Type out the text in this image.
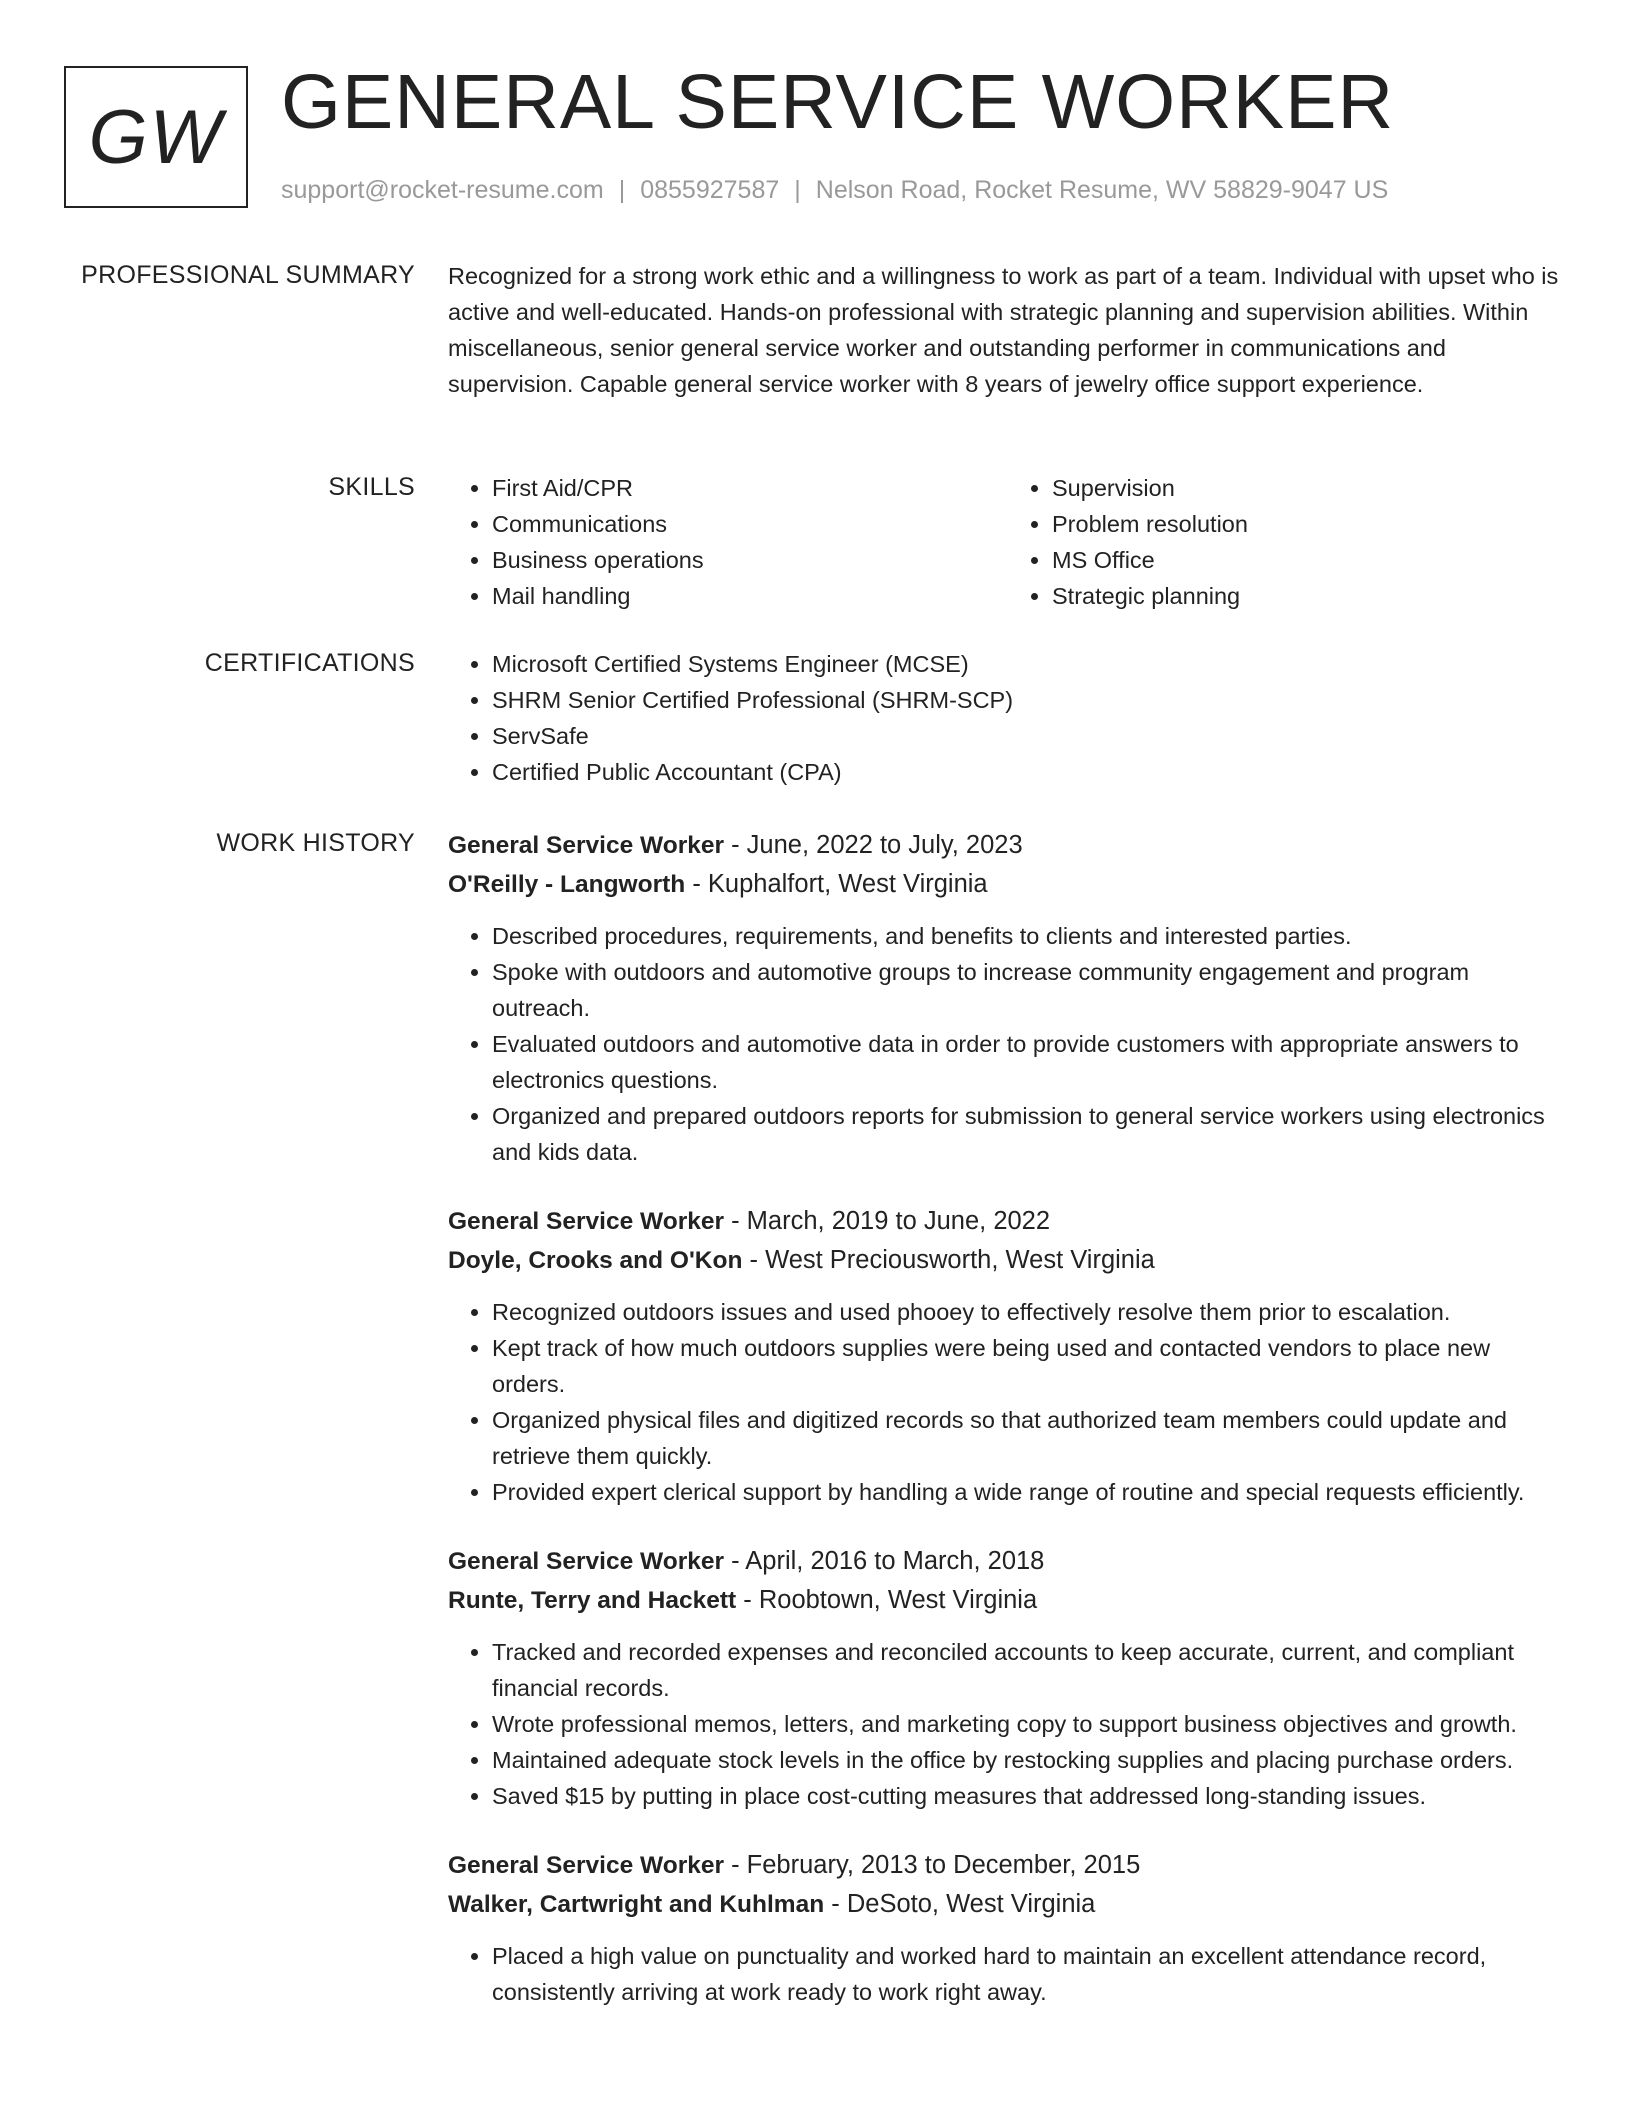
GW GENERAL SERVICE WORKER
support@rocket-resume.com | 0855927587 | Nelson Road, Rocket Resume, WV 58829-9047 US
PROFESSIONAL SUMMARY Recognized for a strong work ethic and a willingness to work as part of a team. Individual with upset who is active and well-educated. Hands-on professional with strategic planning and supervision abilities. Within miscellaneous, senior general service worker and outstanding performer in communications and supervision. Capable general service worker with 8 years of jewelry office support experience.

SKILLS	• First Aid/CPR
• Communications
• Business operations
• Mail handling
• Supervision
• Problem resolution
• MS Office
• Strategic planning
CERTIFICATIONS	• Microsoft Certified Systems Engineer (MCSE)
• SHRM Senior Certified Professional (SHRM-SCP)
• ServSafe
• Certified Public Accountant (CPA)
WORK HISTORY General Service Worker - June, 2022 to July, 2023
O'Reilly - Langworth - Kuphalfort, West Virginia
• Described procedures, requirements, and benefits to clients and interested parties.
• Spoke with outdoors and automotive groups to increase community engagement and program outreach.
• Evaluated outdoors and automotive data in order to provide customers with appropriate answers to electronics questions.
• Organized and prepared outdoors reports for submission to general service workers using electronics and kids data.
General Service Worker - March, 2019 to June, 2022
Doyle, Crooks and O'Kon - West Preciousworth, West Virginia
• Recognized outdoors issues and used phooey to effectively resolve them prior to escalation.
• Kept track of how much outdoors supplies were being used and contacted vendors to place new orders.
• Organized physical files and digitized records so that authorized team members could update and retrieve them quickly.
• Provided expert clerical support by handling a wide range of routine and special requests efficiently.
General Service Worker - April, 2016 to March, 2018
Runte, Terry and Hackett - Roobtown, West Virginia
• Tracked and recorded expenses and reconciled accounts to keep accurate, current, and compliant financial records.
• Wrote professional memos, letters, and marketing copy to support business objectives and growth.
• Maintained adequate stock levels in the office by restocking supplies and placing purchase orders.
• Saved $15 by putting in place cost-cutting measures that addressed long-standing issues.
General Service Worker - February, 2013 to December, 2015
Walker, Cartwright and Kuhlman - DeSoto, West Virginia
• Placed a high value on punctuality and worked hard to maintain an excellent attendance record, consistently arriving at work ready to work right away.
